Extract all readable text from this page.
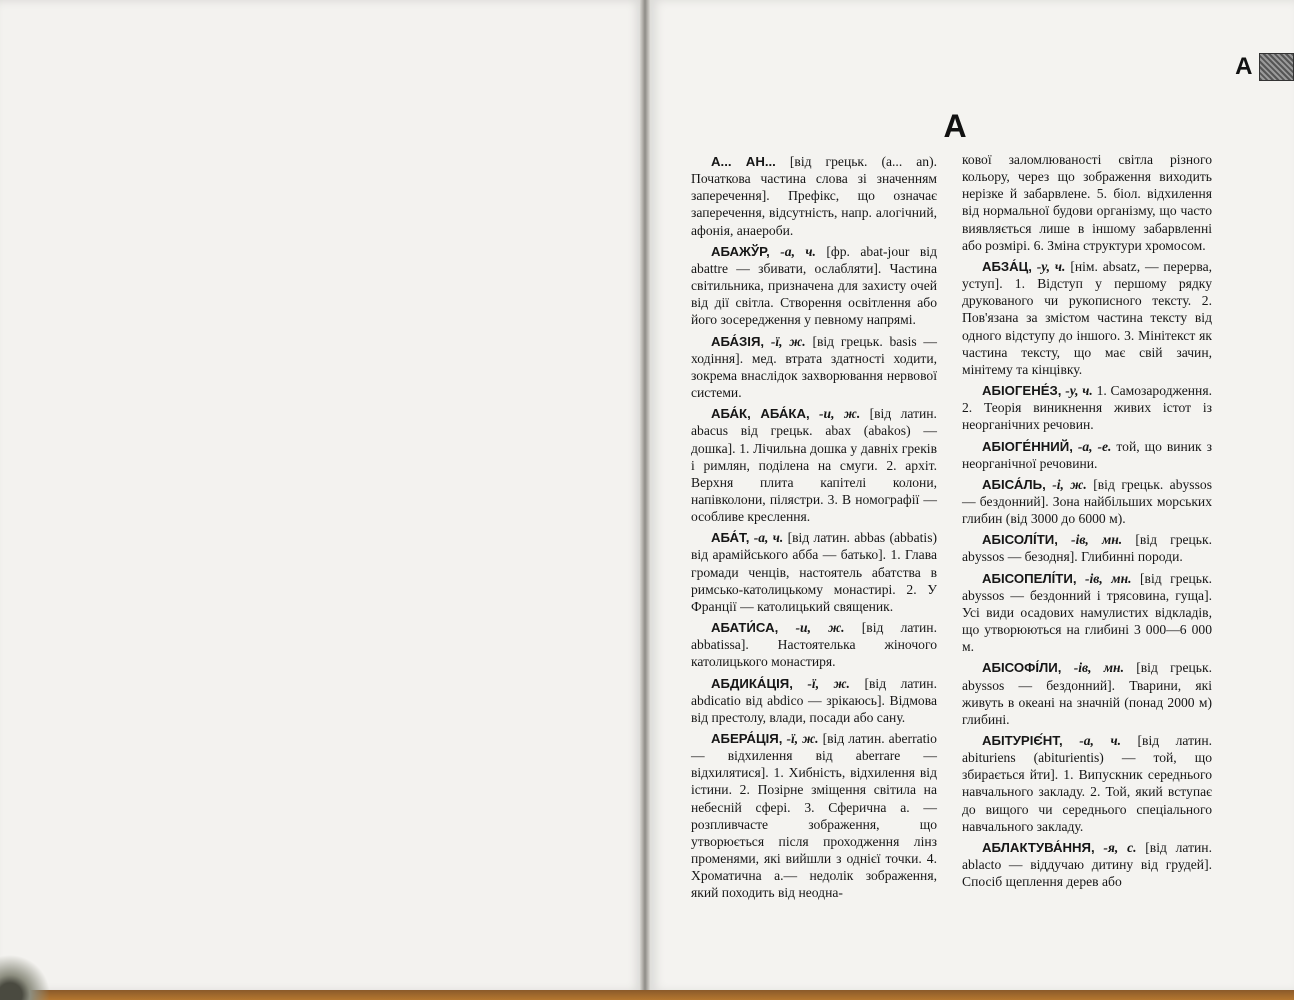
А
А

А... АН... [від грецьк. (a... an). Початкова частина слова зі значенням заперечення]. Префікс, що означає заперечення, відсутність, напр. алогічний, афонія, анаероби.

АБАЖЎР, -а, ч. [фр. abat-jour від abattre — збивати, ослабляти]. Частина світильника, призначена для захисту очей від дії світла. Створення освітлення або його зосередження у певному напрямі.

АБА́ЗІЯ, -ї, ж. [від грецьк. basis — ходіння]. мед. втрата здатності ходити, зокрема внаслідок захворювання нервової системи.

АБА́К, АБА́КА, -и, ж. [від латин. abacus від грецьк. abax (abakos) — дошка]. 1. Лічильна дошка у давніх греків і римлян, поділена на смуги. 2. архіт. Верхня плита капітелі колони, напівколони, пілястри. 3. В номографії — особливе креслення.

АБА́Т, -а, ч. [від латин. abbas (abbatis) від арамійського абба — батько]. 1. Глава громади ченців, настоятель абатства в римсько-католицькому монастирі. 2. У Франції — католицький священик.

АБАТИ́СА, -и, ж. [від латин. abbatissa]. Настоятелька жіночого католицького монастиря.

АБДИКА́ЦІЯ, -ї, ж. [від латин. abdicatio від abdico — зрікаюсь]. Відмова від престолу, влади, посади або сану.

АБЕРА́ЦІЯ, -ї, ж. [від латин. aberratio — відхилення від aberrare — відхилятися]. 1. Хибність, відхилення від істини. 2. Позірне зміщення світила на небесній сфері. 3. Сферична а. — розпливчасте зображення, що утворюється після проходження лінз променями, які вийшли з однієї точки. 4. Хроматична а.— недолік зображення, який походить від неодна-

кової заломлюваності світла різного кольору, через що зображення виходить нерізке й забарвлене. 5. біол. відхилення від нормальної будови організму, що часто виявляється лише в іншому забарвленні або розмірі. 6. Зміна структури хромосом.

АБЗА́Ц, -у, ч. [нім. absatz, — перерва, уступ]. 1. Відступ у першому рядку друкованого чи рукописного тексту. 2. Пов'язана за змістом частина тексту від одного відступу до іншого. 3. Мінітекст як частина тексту, що має свій зачин, мінітему та кінцівку.

АБІОГЕНЕ́З, -у, ч. 1. Самозародження. 2. Теорія виникнення живих істот із неорганічних речовин.

АБІОГЕ́ННИЙ, -а, -е. той, що виник з неорганічної речовини.

АБІСА́ЛЬ, -і, ж. [від грецьк. abyssos — бездонний]. Зона найбільших морських глибин (від 3000 до 6000 м).

АБІСОЛІ́ТИ, -ів, мн. [від грецьк. abyssos — безодня]. Глибинні породи.

АБІСОПЕЛІ́ТИ, -ів, мн. [від грецьк. abyssos — бездонний і трясовина, гуща]. Усі види осадових намулистих відкладів, що утворюються на глибині 3 000—6 000 м.

АБІСОФІ́ЛИ, -ів, мн. [від грецьк. abyssos — бездонний]. Тварини, які живуть в океані на значній (понад 2000 м) глибині.

АБІТУРІЄ́НТ, -а, ч. [від латин. abituriens (abiturientis) — той, що збирається йти]. 1. Випускник середнього навчального закладу. 2. Той, який вступає до вищого чи середнього спеціального навчального закладу.

АБЛАКТУВА́ННЯ, -я, с. [від латин. ablacto — віддучаю дитину від грудей]. Спосіб щеплення дерев або
